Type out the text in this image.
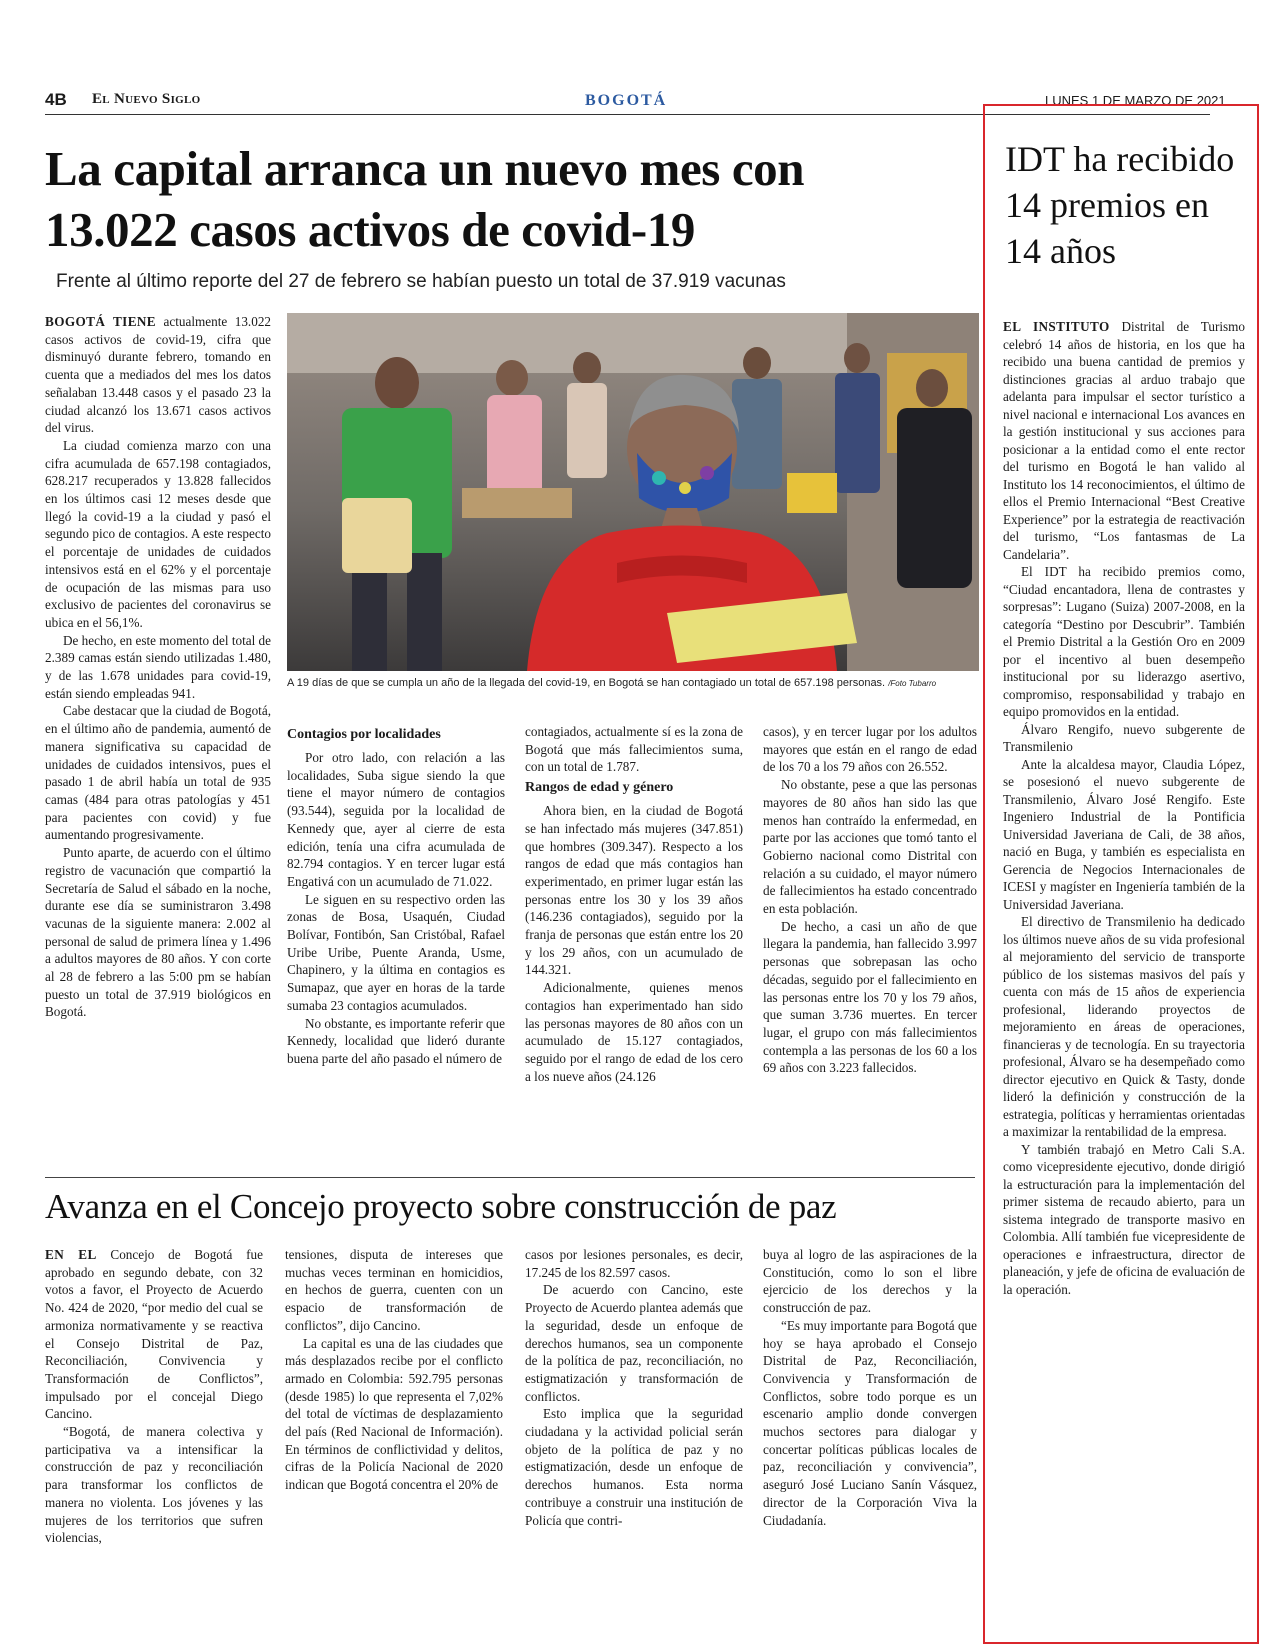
4B El Nuevo Siglo	BOGOTÁ	LUNES 1 DE MARZO DE 2021
La capital arranca un nuevo mes con 13.022 casos activos de covid-19

Frente al último reporte del 27 de febrero se habían puesto un total de 37.919 vacunas

BOGOTÁ TIENE actualmente 13.022 casos activos de covid-19, cifra que disminuyó durante febrero, tomando en cuenta que a mediados del mes los datos señalaban 13.448 casos y el pasado 23 la ciudad alcanzó los 13.671 casos activos del virus.

La ciudad comienza marzo con una cifra acumulada de 657.198 contagiados, 628.217 recuperados y 13.828 fallecidos en los últimos casi 12 meses desde que llegó la covid-19 a la ciudad y pasó el segundo pico de contagios. A este respecto el porcentaje de unidades de cuidados intensivos está en el 62% y el porcentaje de ocupación de las mismas para uso exclusivo de pacientes del coronavirus se ubica en el 56,1%.

De hecho, en este momento del total de 2.389 camas están siendo utilizadas 1.480, y de las 1.678 unidades para covid-19, están siendo empleadas 941.

Cabe destacar que la ciudad de Bogotá, en el último año de pandemia, aumentó de manera significativa su capacidad de unidades de cuidados intensivos, pues el pasado 1 de abril había un total de 935 camas (484 para otras patologías y 451 para pacientes con covid) y fue aumentando progresivamente.

Punto aparte, de acuerdo con el último registro de vacunación que compartió la Secretaría de Salud el sábado en la noche, durante ese día se suministraron 3.498 vacunas de la siguiente manera: 2.002 al personal de salud de primera línea y 1.496 a adultos mayores de 80 años. Y con corte al 28 de febrero a las 5:00 pm se habían puesto un total de 37.919 biológicos en Bogotá.

A 19 días de que se cumpla un año de la llegada del covid-19, en Bogotá se han contagiado un total de 657.198 personas. /Foto Tubarro

Contagios por localidades

Por otro lado, con relación a las localidades, Suba sigue siendo la que tiene el mayor número de contagios (93.544), seguida por la localidad de Kennedy que, ayer al cierre de esta edición, tenía una cifra acumulada de 82.794 contagios. Y en tercer lugar está Engativá con un acumulado de 71.022.

Le siguen en su respectivo orden las zonas de Bosa, Usaquén, Ciudad Bolívar, Fontibón, San Cristóbal, Rafael Uribe Uribe, Puente Aranda, Usme, Chapinero, y la última en contagios es Sumapaz, que ayer en horas de la tarde sumaba 23 contagios acumulados.

No obstante, es importante referir que Kennedy, localidad que lideró durante buena parte del año pasado el número de

contagiados, actualmente sí es la zona de Bogotá que más fallecimientos suma, con un total de 1.787.

Rangos de edad y género

Ahora bien, en la ciudad de Bogotá se han infectado más mujeres (347.851) que hombres (309.347). Respecto a los rangos de edad que más contagios han experimentado, en primer lugar están las personas entre los 30 y los 39 años (146.236 contagiados), seguido por la franja de personas que están entre los 20 y los 29 años, con un acumulado de 144.321.

Adicionalmente, quienes menos contagios han experimentado han sido las personas mayores de 80 años con un acumulado de 15.127 contagiados, seguido por el rango de edad de los cero a los nueve años (24.126

casos), y en tercer lugar por los adultos mayores que están en el rango de edad de los 70 a los 79 años con 26.552.

No obstante, pese a que las personas mayores de 80 años han sido las que menos han contraído la enfermedad, en parte por las acciones que tomó tanto el Gobierno nacional como Distrital con relación a su cuidado, el mayor número de fallecimientos ha estado concentrado en esta población.

De hecho, a casi un año de que llegara la pandemia, han fallecido 3.997 personas que sobrepasan las ocho décadas, seguido por el fallecimiento en las personas entre los 70 y los 79 años, que suman 3.736 muertes. En tercer lugar, el grupo con más fallecimientos contempla a las personas de los 60 a los 69 años con 3.223 fallecidos.

Avanza en el Concejo proyecto sobre construcción de paz

EN EL Concejo de Bogotá fue aprobado en segundo debate, con 32 votos a favor, el Proyecto de Acuerdo No. 424 de 2020, “por medio del cual se armoniza normativamente y se reactiva el Consejo Distrital de Paz, Reconciliación, Convivencia y Transformación de Conflictos”, impulsado por el concejal Diego Cancino.

“Bogotá, de manera colectiva y participativa va a intensificar la construcción de paz y reconciliación para transformar los conflictos de manera no violenta. Los jóvenes y las mujeres de los territorios que sufren violencias,

tensiones, disputa de intereses que muchas veces terminan en homicidios, en hechos de guerra, cuenten con un espacio de transformación de conflictos”, dijo Cancino.

La capital es una de las ciudades que más desplazados recibe por el conflicto armado en Colombia: 592.795 personas (desde 1985) lo que representa el 7,02% del total de víctimas de desplazamiento del país (Red Nacional de Información). En términos de conflictividad y delitos, cifras de la Policía Nacional de 2020 indican que Bogotá concentra el 20% de

casos por lesiones personales, es decir, 17.245 de los 82.597 casos.

De acuerdo con Cancino, este Proyecto de Acuerdo plantea además que la seguridad, desde un enfoque de derechos humanos, sea un componente de la política de paz, reconciliación, no estigmatización y transformación de conflictos.

Esto implica que la seguridad ciudadana y la actividad policial serán objeto de la política de paz y no estigmatización, desde un enfoque de derechos humanos. Esta norma contribuye a construir una institución de Policía que contri-

buya al logro de las aspiraciones de la Constitución, como lo son el libre ejercicio de los derechos y la construcción de paz.

“Es muy importante para Bogotá que hoy se haya aprobado el Consejo Distrital de Paz, Reconciliación, Convivencia y Transformación de Conflictos, sobre todo porque es un escenario amplio donde convergen muchos sectores para dialogar y concertar políticas públicas locales de paz, reconciliación y convivencia”, aseguró José Luciano Sanín Vásquez, director de la Corporación Viva la Ciudadanía.

IDT ha recibido 14 premios en 14 años

EL INSTITUTO Distrital de Turismo celebró 14 años de historia, en los que ha recibido una buena cantidad de premios y distinciones gracias al arduo trabajo que adelanta para impulsar el sector turístico a nivel nacional e internacional Los avances en la gestión institucional y sus acciones para posicionar a la entidad como el ente rector del turismo en Bogotá le han valido al Instituto los 14 reconocimientos, el último de ellos el Premio Internacional “Best Creative Experience” por la estrategia de reactivación del turismo, “Los fantasmas de La Candelaria”.

El IDT ha recibido premios como, “Ciudad encantadora, llena de contrastes y sorpresas”: Lugano (Suiza) 2007-2008, en la categoría “Destino por Descubrir”. También el Premio Distrital a la Gestión Oro en 2009 por el incentivo al buen desempeño institucional por su liderazgo asertivo, compromiso, responsabilidad y trabajo en equipo promovidos en la entidad.

Álvaro Rengifo, nuevo subgerente de Transmilenio

Ante la alcaldesa mayor, Claudia López, se posesionó el nuevo subgerente de Transmilenio, Álvaro José Rengifo. Este Ingeniero Industrial de la Pontificia Universidad Javeriana de Cali, de 38 años, nació en Buga, y también es especialista en Gerencia de Negocios Internacionales de ICESI y magíster en Ingeniería también de la Universidad Javeriana.

El directivo de Transmilenio ha dedicado los últimos nueve años de su vida profesional al mejoramiento del servicio de transporte público de los sistemas masivos del país y cuenta con más de 15 años de experiencia profesional, liderando proyectos de mejoramiento en áreas de operaciones, financieras y de tecnología. En su trayectoria profesional, Álvaro se ha desempeñado como director ejecutivo en Quick & Tasty, donde lideró la definición y construcción de la estrategia, políticas y herramientas orientadas a maximizar la rentabilidad de la empresa.

Y también trabajó en Metro Cali S.A. como vicepresidente ejecutivo, donde dirigió la estructuración para la implementación del primer sistema de recaudo abierto, para un sistema integrado de transporte masivo en Colombia. Allí también fue vicepresidente de operaciones e infraestructura, director de planeación, y jefe de oficina de evaluación de la operación.
